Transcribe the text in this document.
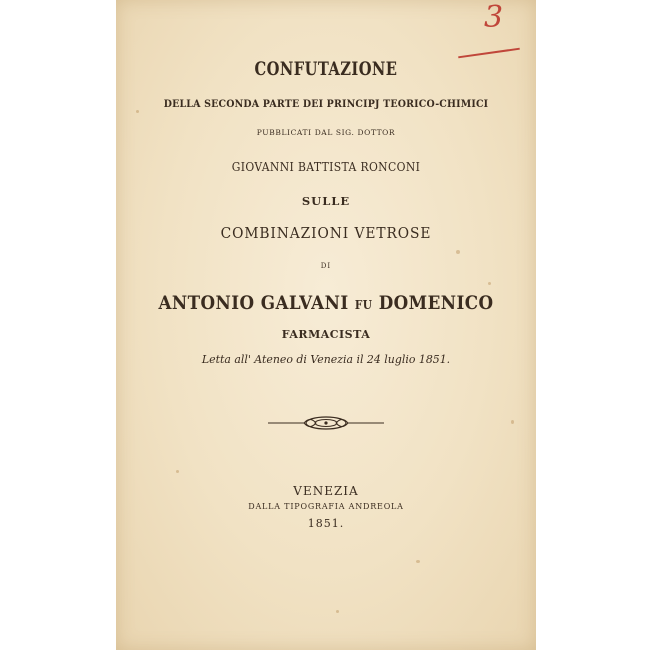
CONFUTAZIONE
DELLA SECONDA PARTE DEI PRINCIPJ TEORICO-CHIMICI
PUBBLICATI DAL SIG. DOTTOR
GIOVANNI BATTISTA RONCONI
SULLE
COMBINAZIONI VETROSE
DI
ANTONIO GALVANI FU DOMENICO
FARMACISTA
Letta all' Ateneo di Venezia il 24 luglio 1851.
VENEZIA
DALLA TIPOGRAFIA ANDREOLA
1851.
3
